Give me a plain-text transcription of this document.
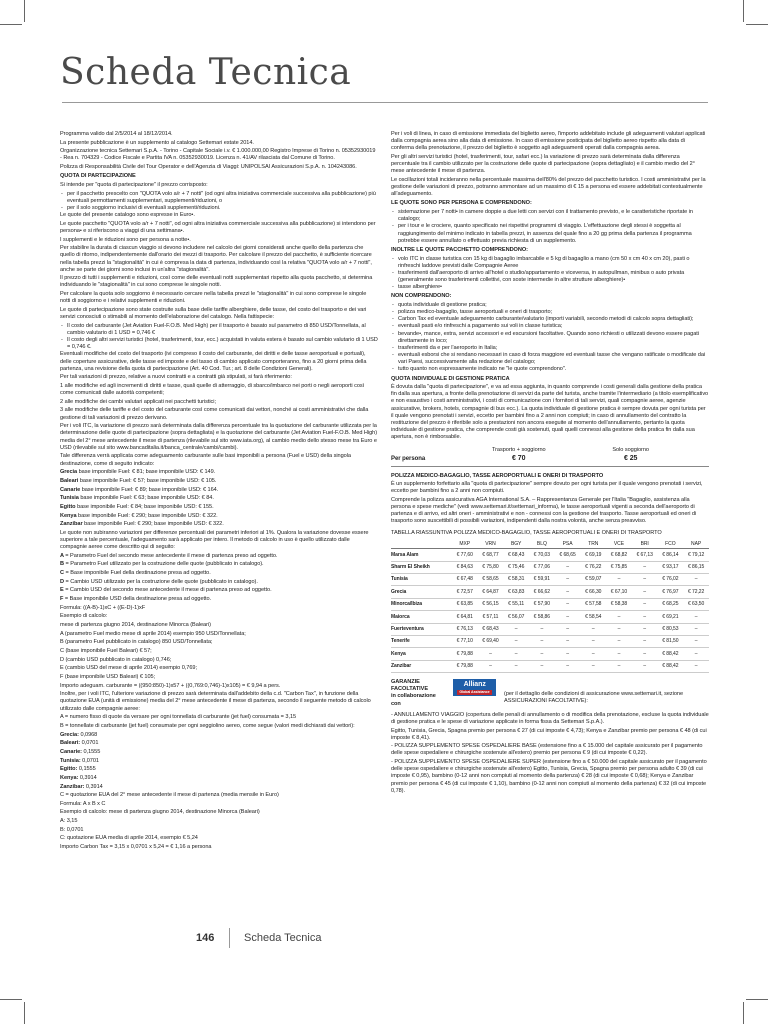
Scheda Tecnica

Programma valido dal 2/5/2014 al 18/12/2014.

La presente pubblicazione è un supplemento al catalogo Settemari estate 2014.

Organizzazione tecnica Settemari S.p.A. - Torino - Capitale Sociale i.v. € 1.000.000,00 Registro Imprese di Torino n. 05352930019 - Rea n. 704329 - Codice Fiscale e Partita IVA n. 05352930019. Licenza n. 41/AV rilasciata dal Comune di Torino.

Polizza di Responsabilità Civile del Tour Operator e dell'Agenzia di Viaggi: UNIPOLSAI Assicurazioni S.p.A. n. 104243086.

QUOTA DI PARTECIPAZIONE

Si intende per "quota di partecipazione" il prezzo corrisposto:

- per il pacchetto prescelto con "QUOTA volo a/r + 7 notti" (od ogni altra iniziativa commerciale successiva alla pubblicazione) più eventuali permottamenti supplementari, supplementi/riduzioni, o
- per il solo soggiorno inclusivi di eventuali supplementi/riduzioni.

Le quote del presente catalogo sono espresse in Euro•.

Le quote pacchetto "QUOTA volo a/r + 7 notti", od ogni altra iniziativa commerciale successiva alla pubblicazione) si intendono per persona• e si riferiscono a viaggi di una settimana•.

I supplementi e le riduzioni sono per persona a notte•.

Per stabilire la durata di ciascun viaggio si devono includere nel calcolo dei giorni considerati anche quello della partenza che quello di ritorno, indipendentemente dall'orario dei mezzi di trasporto. Per calcolare il prezzo del pacchetto, è sufficiente ricercare nella tabella prezzi la "stagionalità" in cui è compresa la data di partenza, individuando così la relativa "QUOTA volo a/r + 7 notti", anche se parte dei giorni sono inclusi in un'altra "stagionalità".

Il prezzo di tutti i supplementi e riduzioni, così come delle eventuali notti supplementari rispetto alla quota pacchetto, si determina individuando le "stagionalità" in cui sono comprese le singole notti.

Per calcolare la quota solo soggiorno è necessario cercare nella tabella prezzi le "stagionalità" in cui sono comprese le singole notti di soggiorno e i relativi supplementi e riduzioni.

Le quote di partecipazione sono state costruite sulla base delle tariffe alberghiere, delle tasse, del costo del trasporto e dei vari servizi conosciuti o stimabili al momento dell'elaborazione del catalogo. Nella fattispecie:

- Il costo del carburante (Jet Aviation Fuel-F.O.B. Med High) per il trasporto è basato sul parametro di 850 USD/Tonnellata, al cambio valutario di 1 USD = 0,746 €
- Il costo degli altri servizi turistici (hotel, trasferimenti, tour, ecc.) acquistati in valuta estera è basato sul cambio valutario di 1 USD = 0,746 €.

Eventuali modifiche del costo del trasporto (ivi compreso il costo del carburante, dei diritti e delle tasse aeroportuali e portuali), delle coperture assicurative, delle tasse ed imposte e del tasso di cambio applicato comporteranno, fino a 20 giorni prima della partenza, una revisione della quota di partecipazione (Art. 40 Cod. Tur.; art. 8 delle Condizioni Generali).

Per tali variazioni di prezzo, relative a nuovi contratti e a contratti già stipulati, si farà riferimento:

1 alle modifiche ed agli incrementi di diritti e tasse, quali quelle di atterraggio, di sbarco/imbarco nei porti o negli aeroporti così come comunicati dalle autorità competenti;

2 alle modifiche dei cambi valutari applicati nei pacchetti turistici;

3 alle modifiche delle tariffe e del costo del carburante così come comunicati dai vettori, nonché ai costi amministrativi che dalla gestione di tali variazioni di prezzo derivano.

Per i voli ITC, la variazione di prezzo sarà determinata dalla differenza percentuale tra la quotazione del carburante utilizzata per la determinazione delle quote di partecipazione (sopra dettagliata) e la quotazione del carburante (Jet Aviation Fuel-F.O.B. Med High) media del 2° mese antecedente il mese di partenza (rilevabile sul sito www.iata.org), al cambio medio dello stesso mese tra Euro e USD (rilevabile sul sito www.bancaditalia.it/banca_centrale/cambi/cambi).

Tale differenza verrà applicata come adeguamento carburante sulle basi imponibili a persona (Fuel e USD) della singola destinazione, come di seguito indicato:

Grecia base imponibile Fuel: € 81; base imponibile USD: € 149.

Baleari base imponibile Fuel: € 57; base imponibile USD: € 105.

Canarie base imponibile Fuel: € 89; base imponibile USD: € 164.

Tunisia base imponibile Fuel: € 63; base imponibile USD: € 84.

Egitto base imponibile Fuel: € 84; base imponibile USD: € 155.

Kenya base imponibile Fuel: € 290; base imponibile USD: € 322.

Zanzibar base imponibile Fuel: € 290; base imponibile USD: € 322.

Le quote non subiranno variazioni per differenze percentuali dei parametri inferiori al 1%. Qualora la variazione dovesse essere superiore a tale percentuale, l'adeguamento sarà applicato per intero. Il metodo di calcolo in uso è quello utilizzato dalle compagnie aeree come descritto qui di seguito:

A = Parametro Fuel del secondo mese antecedente il mese di partenza preso ad oggetto.

B = Parametro Fuel utilizzato per la costruzione delle quote (pubblicato in catalogo).

C = Base imponibile Fuel della destinazione presa ad oggetto.

D = Cambio USD utilizzato per la costruzione delle quote (pubblicato in catalogo).

E = Cambio USD del secondo mese antecedente il mese di partenza preso ad oggetto.

F = Base imponibile USD della destinazione presa ad oggetto.

Formula: ((A-B)-1)xC + ((E-D)-1)xF

Esempio di calcolo:

mese di partenza giugno 2014, destinazione Minorca (Baleari)

A (parametro Fuel medio mese di aprile 2014) esempio 950 USD/Tonnellata;

B (parametro Fuel pubblicato in catalogo) 850 USD/Tonnellata;

C (base imponibile Fuel Baleari) € 57;

D (cambio USD pubblicato in catalogo) 0,746;

E (cambio USD del mese di aprile 2014) esempio 0,769;

F (base imponibile USD Baleari) € 105;

Importo adeguam. carburante = ((950:850)-1)x57 + ((0,769:0,746)-1)x105) = € 9,94 a pers.

Inoltre, per i voli ITC, l'ulteriore variazione di prezzo sarà determinata dall'addebito della c.d. "Carbon Tax", in funzione della quotazione EUA (unità di emissione) media del 2° mese antecedente il mese di partenza, secondo il seguente metodo di calcolo utilizzato dalle compagnie aeree:

A = numero fisso di quote da versare per ogni tonnellata di carburante (jet fuel) consumata = 3,15

B = tonnellate di carburante (jet fuel) consumate per ogni seggiolino aereo, come segue (valori medi dichiarati dai vettori):

Grecia: 0,0968

Baleari: 0,0701

Canarie: 0,1555

Tunisia: 0,0701

Egitto: 0,1555

Kenya: 0,3914

Zanzibar: 0,3914

C = quotazione EUA del 2° mese antecedente il mese di partenza (media mensile in Euro)

Formula: A x B x C

Esempio di calcolo: mese di partenza giugno 2014, destinazione Minorca (Baleari)

A: 3,15

B: 0,0701

C: quotazione EUA media di aprile 2014, esempio € 5,24

Importo Carbon Tax = 3,15 x 0,0701 x 5,24 = € 1,16 a persona

Per i voli di linea, in caso di emissione immediata del biglietto aereo, l'importo addebitato include gli adeguamenti valutari applicati dalla compagnia aerea sino alla data di emissione. In caso di emissione posticipata del biglietto aereo rispetto alla data di conferma della prenotazione, il prezzo del biglietto è soggetto agli adeguamenti operati dalla compagnia aerea.

Per gli altri servizi turistici (hotel, trasferimenti, tour, safari ecc.) la variazione di prezzo sarà determinata dalla differenza percentuale tra il cambio utilizzato per la costruzione delle quote di partecipazione (sopra dettagliato) e il cambio medio del 2° mese antecedente il mese di partenza.

Le oscillazioni totali incideranno nella percentuale massima dell'80% del prezzo del pacchetto turistico. I costi amministrativi per la gestione delle variazioni di prezzo, potranno ammontare ad un massimo di € 15 a persona ed essere addebitati contestualmente all'adeguamento.

LE QUOTE SONO PER PERSONA E COMPRENDONO:

- sistemazione per 7 notti• in camere doppie a due letti con servizi con il trattamento previsto, e le caratteristiche riportate in catalogo;
- per i tour e le crociere, quanto specificato nei rispettivi programmi di viaggio. L'effettuazione degli stessi è soggetta al raggiungimento del minimo indicato in tabella prezzi, in assenza del quale fino a 20 gg prima della partenza il programma potrebbe essere annullato o effettuato previa richiesta di un supplemento.

INOLTRE LE QUOTE PACCHETTO COMPRENDONO:

- volo ITC in classe turistica con 15 kg di bagaglio imbarcabile e 5 kg di bagaglio a mano (cm 50 x cm 40 x cm 20), pasti o rinfreschi laddove previsti dalle Compagnie Aeree
- trasferimenti dall'aeroporto di arrivo all'hotel o studio/appartamento e viceversa, in autopullman, minibus o auto privata (generalmente sono trasferimenti collettivi, con soste intermedie in altre strutture alberghiere)•
- tasse alberghiere•

NON COMPRENDONO:

- quota individuale di gestione pratica;
- polizza medico-bagaglio, tasse aeroportuali e oneri di trasporto;
- Carbon Tax ed eventuale adeguamento carburante/valutario (importi variabili, secondo metodi di calcolo sopra dettagliati);
- eventuali pasti e/o rinfreschi a pagamento sui voli in classe turistica;
- bevande•, mance, extra, servizi accessori e ed escursioni facoltative. Quando sono richiesti o utilizzati devono essere pagati direttamente in loco;
- trasferimenti da e per l'aeroporto in Italia;
- eventuali esborsi che si rendano necessari in caso di forza maggiore ed eventuali tasse che vengano ratificate o modificate dai vari Paesi, successivamente alla redazione del catalogo;
- tutto quanto non espressamente indicato ne "le quote comprendono".

QUOTA INDIVIDUALE DI GESTIONE PRATICA

È dovuta dalla "quota di partecipazione", e va ad essa aggiunta, in quanto comprende i costi generali dalla gestione della pratica fin dalla sua apertura, a fronte della prenotazione di servizi da parte del turista, anche tramite l'intermediario (a titolo esemplificativo e non esaustivo i costi amministrativi, i costi di comunicazione con i fornitori di tali servizi, quali compagnie aeree, agenzie assicurative, brokers, hotels, compagnie di bus ecc.). La quota individuale di gestione pratica è sempre dovuta per ogni turista per il quale vengono prenotati i servizi, eccetto per bambini fino a 2 anni non compiuti; in caso di annullamento del contratto la restituzione del prezzo è riferibile solo a prestazioni non ancora eseguite al momento dell'annullamento, pertanto la quota individuale di gestione pratica, che comprende costi già sostenuti, quali quelli connessi alla gestione della pratica fin dalla sua apertura, non è rimborsabile.

Per persona
Trasporto + soggiorno
€ 70
Solo soggiorno
€ 25

POLIZZA MEDICO-BAGAGLIO, TASSE AEROPORTUALI E ONERI DI TRASPORTO

È un supplemento forfettario alla "quota di partecipazione" sempre dovuto per ogni turista per il quale vengono prenotati i servizi, eccetto per bambini fino a 2 anni non compiuti.

Comprende la polizza assicurativa AGA International S.A. – Rappresentanza Generale per l'Italia "Bagaglio, assistenza alla persona e spese mediche" (vedi www.settemari.it/settemari_informa), le tasse aeroportuali vigenti a seconda dell'aeroporto di partenza e di arrivo, ed altri oneri - amministrativi e non - connessi con la gestione del trasporto. Tasse aeroportuali ed oneri di trasporto sono suscettibili di possibili variazioni, indipendenti dalla nostra volontà, anche senza preavviso.

TABELLA RIASSUNTIVA POLIZZA MEDICO-BAGAGLIO, TASSE AEROPORTUALI E ONERI DI TRASPORTO

	MXP	VRN	BGY	BLQ	PSA	TRN	VCE	BRI	FCO	NAP
Marsa Alam	€ 77,60	€ 68,77	€ 68,43	€ 70,03	€ 68,65	€ 69,19	€ 68,82	€ 67,13	€ 86,14	€ 79,12
Sharm El Sheikh	€ 84,63	€ 75,80	€ 75,46	€ 77,06	–	€ 76,22	€ 75,85	–	€ 93,17	€ 86,15
Tunisia	€ 67,48	€ 58,65	€ 58,31	€ 59,91	–	€ 59,07	–	–	€ 76,02	–
Grecia	€ 72,57	€ 64,87	€ 63,83	€ 66,62	–	€ 66,30	€ 67,10	–	€ 76,97	€ 72,22
Minorca/Ibiza	€ 63,85	€ 56,15	€ 55,11	€ 57,90	–	€ 57,58	€ 58,38	–	€ 68,25	€ 63,50
Maiorca	€ 64,81	€ 57,11	€ 56,07	€ 58,86	–	€ 58,54	–	–	€ 69,21	–
Fuerteventura	€ 76,13	€ 68,43	–	–	–	–	–	–	€ 80,53	–
Tenerife	€ 77,10	€ 69,40	–	–	–	–	–	–	€ 81,50	–
Kenya	€ 79,88	–	–	–	–	–	–	–	€ 88,42	–
Zanzibar	€ 79,88	–	–	–	–	–	–	–	€ 88,42	–
GARANZIE FACOLTATIVE
in collaborazione con
Allianz
Global Assistance	(per il dettaglio delle condizioni di assicurazione www.settemari.it, sezione ASSICURAZIONI FACOLTATIVE):

- ANNULLAMENTO VIAGGIO (copertura delle penali di annullamento o di modifica della prenotazione, escluse la quota individuale di gestione pratica e le spese di variazione applicate in forma fissa da Settemari S.p.A.).

Egitto, Tunisia, Grecia, Spagna premio per persona € 27 (di cui imposte € 4,73); Kenya e Zanzibar premio per persona € 48 (di cui imposte € 8,41).

- POLIZZA SUPPLEMENTO SPESE OSPEDALIERE BASE (estensione fino a € 15.000 del capitale assicurato per il pagamento delle spese ospedaliere e chirurgiche sostenute all'estero) premio per persona € 9 (di cui imposte € 0,22).

- POLIZZA SUPPLEMENTO SPESE OSPEDALIERE SUPER (estensione fino a € 50.000 del capitale assicurato per il pagamento delle spese ospedaliere e chirurgiche sostenute all'estero) Egitto, Tunisia, Grecia, Spagna premio per persona adulto € 39 (di cui imposte € 0,95), bambino (0-12 anni non compiuti al momento della partenza) € 28 (di cui imposte € 0,68); Kenya e Zanzibar premio per persona € 45 (di cui imposte € 1,10), bambino (0-12 anni non compiuti al momento della partenza) € 32 (di cui imposte 0,78).

146	Scheda Tecnica
